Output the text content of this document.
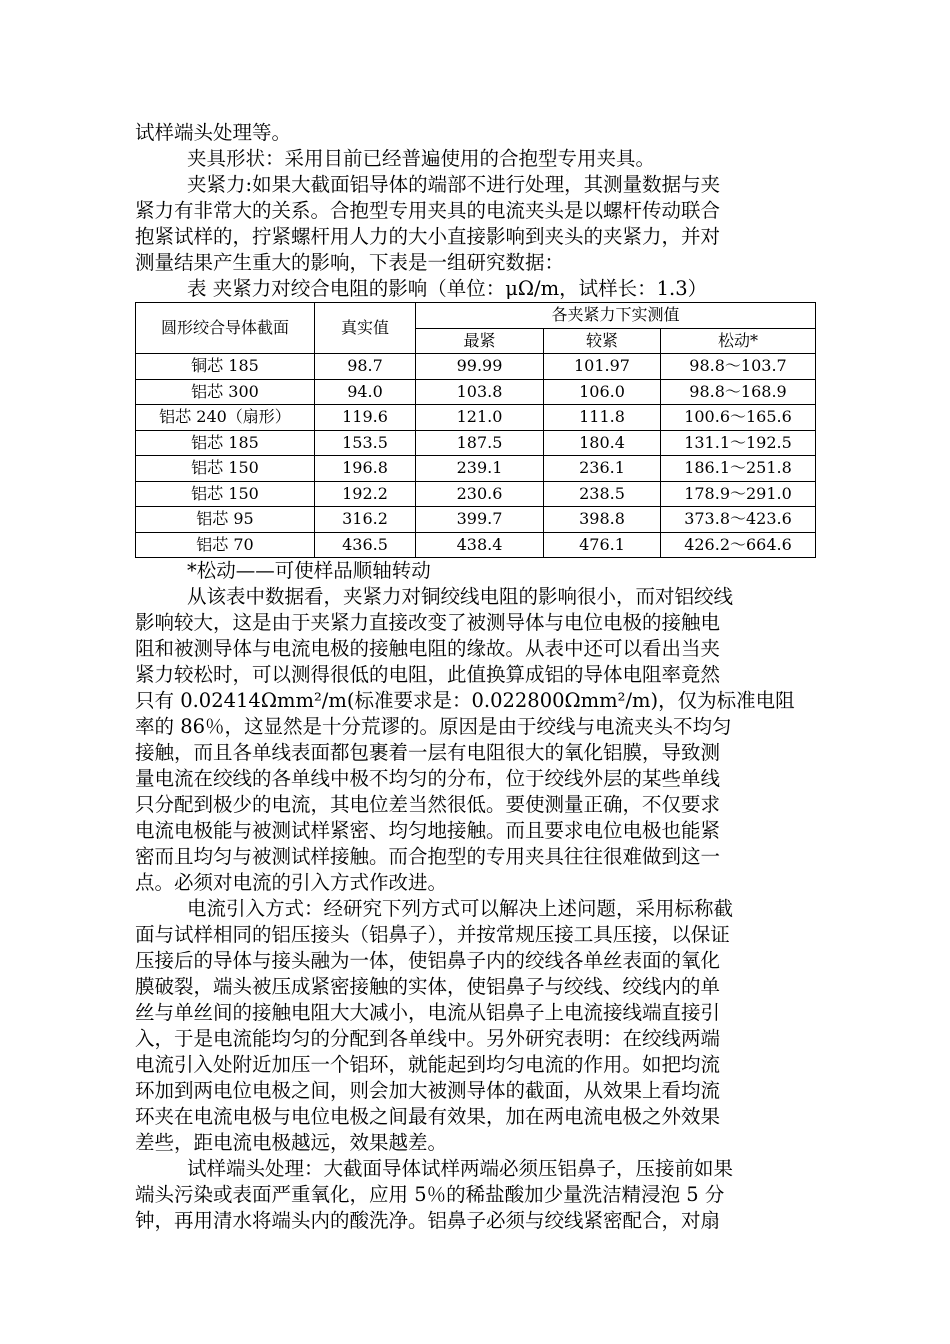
试样端头处理等。
夹具形状：采用目前已经普遍使用的合抱型专用夹具。
夹紧力:如果大截面铝导体的端部不进行处理，其测量数据与夹
紧力有非常大的关系。合抱型专用夹具的电流夹头是以螺杆传动联合
抱紧试样的，拧紧螺杆用人力的大小直接影响到夹头的夹紧力，并对
测量结果产生重大的影响，下表是一组研究数据：
表 夹紧力对绞合电阻的影响（单位：μΩ/m，试样长：1.3）
圆形绞合导体截面	真实值	各夹紧力下实测值		
		最紧	较紧	松动*
铜芯 185	98.7	99.99	101.97	98.8～103.7
铝芯 300	94.0	103.8	106.0	98.8～168.9
铝芯 240（扇形）	119.6	121.0	111.8	100.6～165.6
铝芯 185	153.5	187.5	180.4	131.1～192.5
铝芯 150	196.8	239.1	236.1	186.1～251.8
铝芯 150	192.2	230.6	238.5	178.9～291.0
铝芯 95	316.2	399.7	398.8	373.8～423.6
铝芯 70	436.5	438.4	476.1	426.2～664.6
*松动——可使样品顺轴转动
从该表中数据看，夹紧力对铜绞线电阻的影响很小，而对铝绞线
影响较大，这是由于夹紧力直接改变了被测导体与电位电极的接触电
阻和被测导体与电流电极的接触电阻的缘故。从表中还可以看出当夹
紧力较松时，可以测得很低的电阻，此值换算成铝的导体电阻率竟然
只有 0.02414Ωmm²/m(标准要求是：0.022800Ωmm²/m)，仅为标准电阻
率的 86％，这显然是十分荒谬的。原因是由于绞线与电流夹头不均匀
接触，而且各单线表面都包裹着一层有电阻很大的氧化铝膜，导致测
量电流在绞线的各单线中极不均匀的分布，位于绞线外层的某些单线
只分配到极少的电流，其电位差当然很低。要使测量正确，不仅要求
电流电极能与被测试样紧密、均匀地接触。而且要求电位电极也能紧
密而且均匀与被测试样接触。而合抱型的专用夹具往往很难做到这一
点。必须对电流的引入方式作改进。
电流引入方式：经研究下列方式可以解决上述问题，采用标称截
面与试样相同的铝压接头（铝鼻子），并按常规压接工具压接，以保证
压接后的导体与接头融为一体，使铝鼻子内的绞线各单丝表面的氧化
膜破裂，端头被压成紧密接触的实体，使铝鼻子与绞线、绞线内的单
丝与单丝间的接触电阻大大减小，电流从铝鼻子上电流接线端直接引
入，于是电流能均匀的分配到各单线中。另外研究表明：在绞线两端
电流引入处附近加压一个铝环，就能起到均匀电流的作用。如把均流
环加到两电位电极之间，则会加大被测导体的截面，从效果上看均流
环夹在电流电极与电位电极之间最有效果，加在两电流电极之外效果
差些，距电流电极越远，效果越差。
试样端头处理：大截面导体试样两端必须压铝鼻子，压接前如果
端头污染或表面严重氧化，应用 5％的稀盐酸加少量洗洁精浸泡 5 分
钟，再用清水将端头内的酸洗净。铝鼻子必须与绞线紧密配合，对扇
